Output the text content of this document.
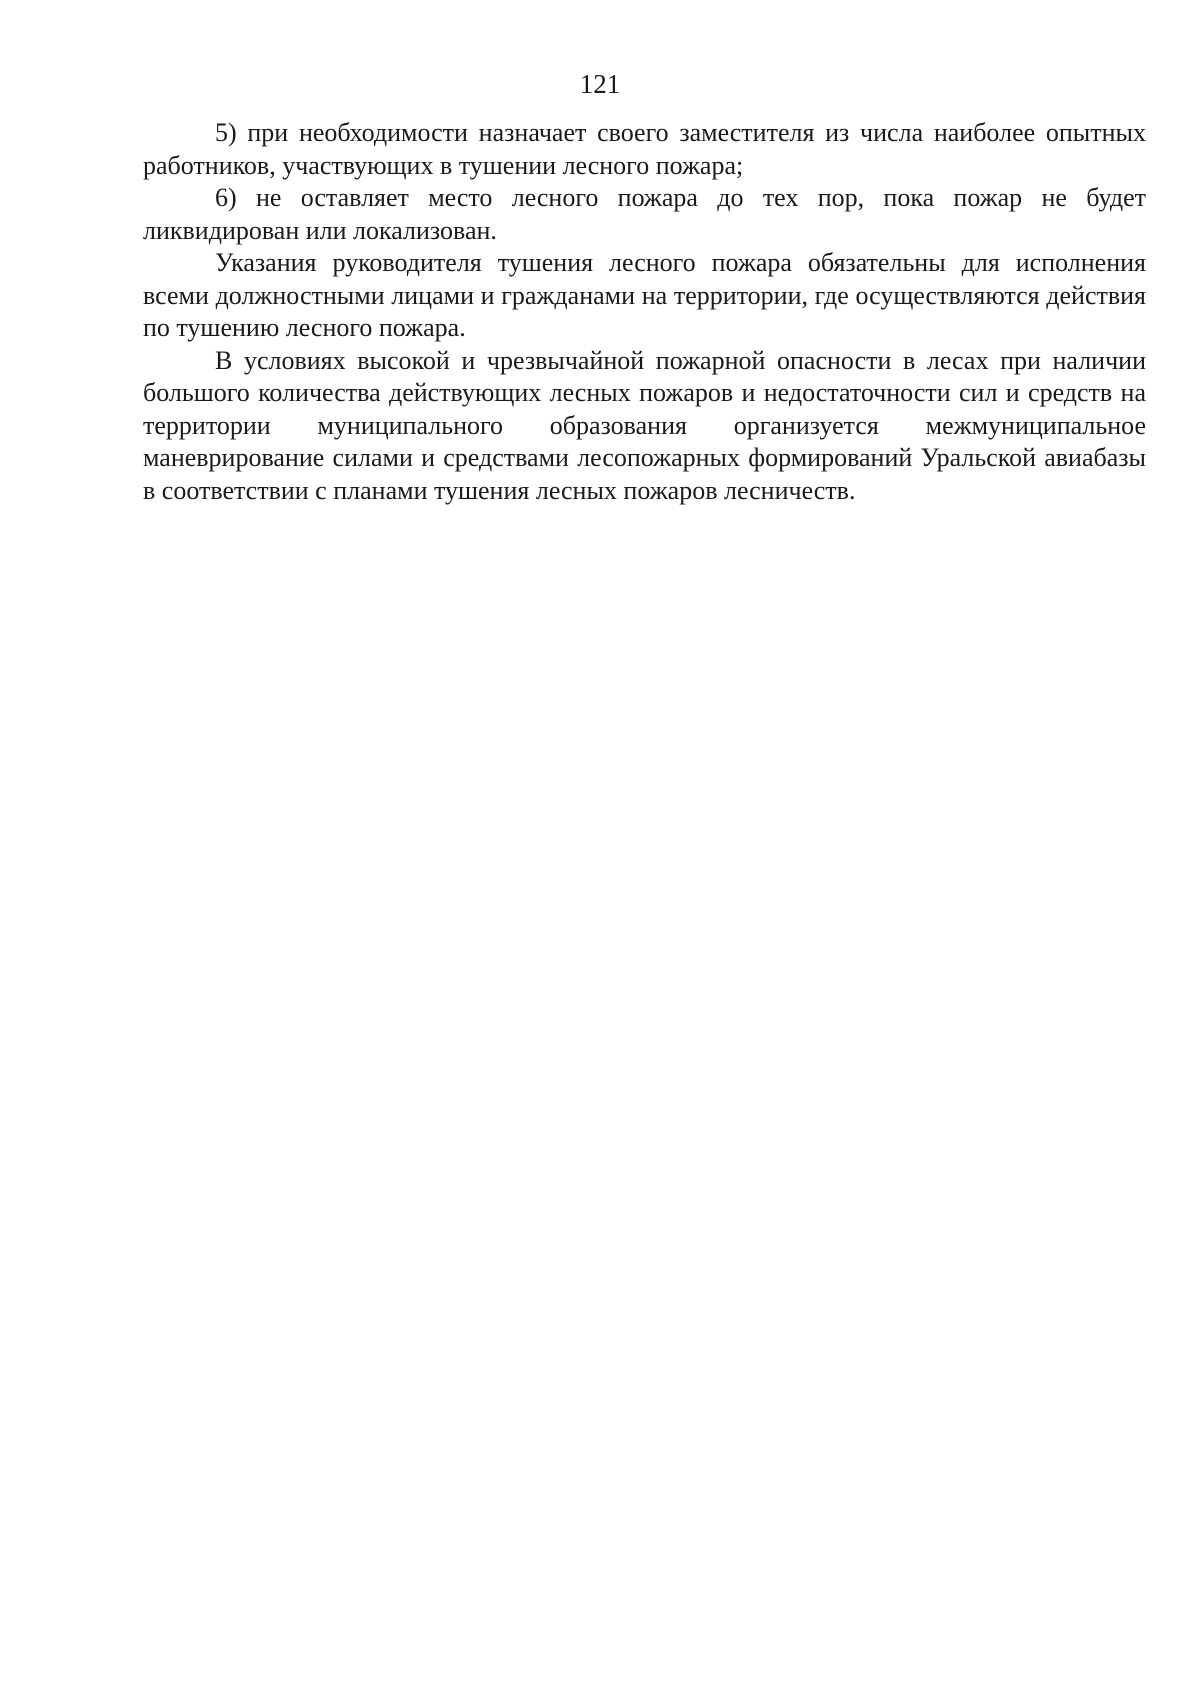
121

5) при необходимости назначает своего заместителя из числа наиболее опытных работников, участвующих в тушении лесного пожара;

6) не оставляет место лесного пожара до тех пор, пока пожар не будет ликвидирован или локализован.

Указания руководителя тушения лесного пожара обязательны для исполнения всеми должностными лицами и гражданами на территории, где осуществляются действия по тушению лесного пожара.

В условиях высокой и чрезвычайной пожарной опасности в лесах при наличии большого количества действующих лесных пожаров и недостаточности сил и средств на территории муниципального образования организуется межмуниципальное маневрирование силами и средствами лесопожарных формирований Уральской авиабазы в соответствии с планами тушения лесных пожаров лесничеств.
